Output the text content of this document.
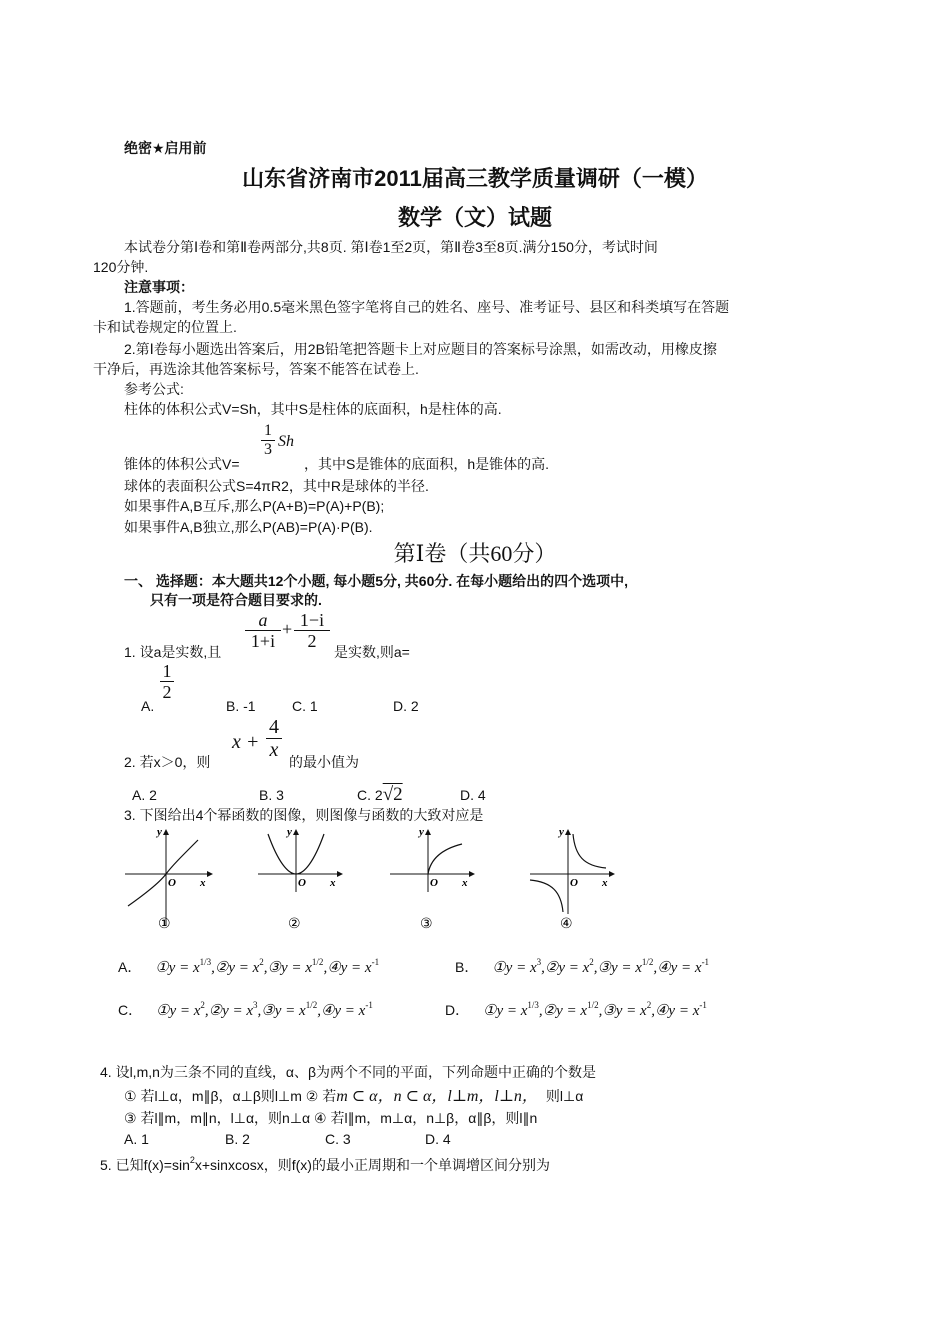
绝密★启用前
山东省济南市2011届高三教学质量调研（一模）
数学（文）试题
本试卷分第Ⅰ卷和第Ⅱ卷两部分,共8页. 第Ⅰ卷1至2页，第Ⅱ卷3至8页.满分150分，考试时间
120分钟.
注意事项：
1.答题前，考生务必用0.5毫米黑色签字笔将自己的姓名、座号、准考证号、县区和科类填写在答题
卡和试卷规定的位置上.
2.第Ⅰ卷每小题选出答案后，用2B铅笔把答题卡上对应题目的答案标号涂黑，如需改动，用橡皮擦
干净后，再选涂其他答案标号，答案不能答在试卷上.
参考公式:
柱体的体积公式V=Sh，其中S是柱体的底面积，h是柱体的高.
锥体的体积公式V=
1
3 Sh
，其中S是锥体的底面积，h是锥体的高.
球体的表面积公式S=4πR2，其中R是球体的半径.
如果事件A,B互斥,那么P(A+B)=P(A)+P(B);
如果事件A,B独立,那么P(AB)=P(A)·P(B).
第Ⅰ卷（共60分）
一、 选择题：本大题共12个小题, 每小题5分, 共60分. 在每小题给出的四个选项中,
只有一项是符合题目要求的.
1. 设a是实数,且
a
1+i
+ 1−i
2
是实数,则a=
A.
1
2
B. -1	C. 1	D. 2
2. 若x＞0，则
x +
4
x
的最小值为
A. 2	B. 3	C. 2√2	D. 4
3. 下图给出4个幂函数的图像，则图像与函数的大致对应是
y
x
O
①
y
x
O
②
y
x
O
③
y
x
O
④
A． ①y = $x^{1/3},②y$ = $x^2,③y$ = $x^{1/2},④y = x^{-1}$	B． ①y = $x^3,②y$ = $x^2,③y$ = $x^{1/2},④y = x^{-1}$
C． ①y = $x^2,②y$ = $x^3,③y$ = $x^{1/2},④y = x^{-1}$	D． ①y = $x^{1/3},②y$ = $x^{1/2},③y$ = $x^2,④y = x^{-1}$
4. 设l,m,n为三条不同的直线，α、β为两个不同的平面，下列命题中正确的个数是
① 若l⊥α，m∥β，α⊥β则l⊥m ② 若m ⊂ α，n ⊂ α，l⊥m，l⊥n， 则l⊥α
③ 若l∥m，m∥n，l⊥α，则n⊥α ④ 若l∥m，m⊥α，n⊥β，α∥β，则l∥n
A. 1	B. 2	C. 3	D. 4
5. 已知$f(x)=\sin^2x+sinxcosx$，则f(x)的最小正周期和一个单调增区间分别为
